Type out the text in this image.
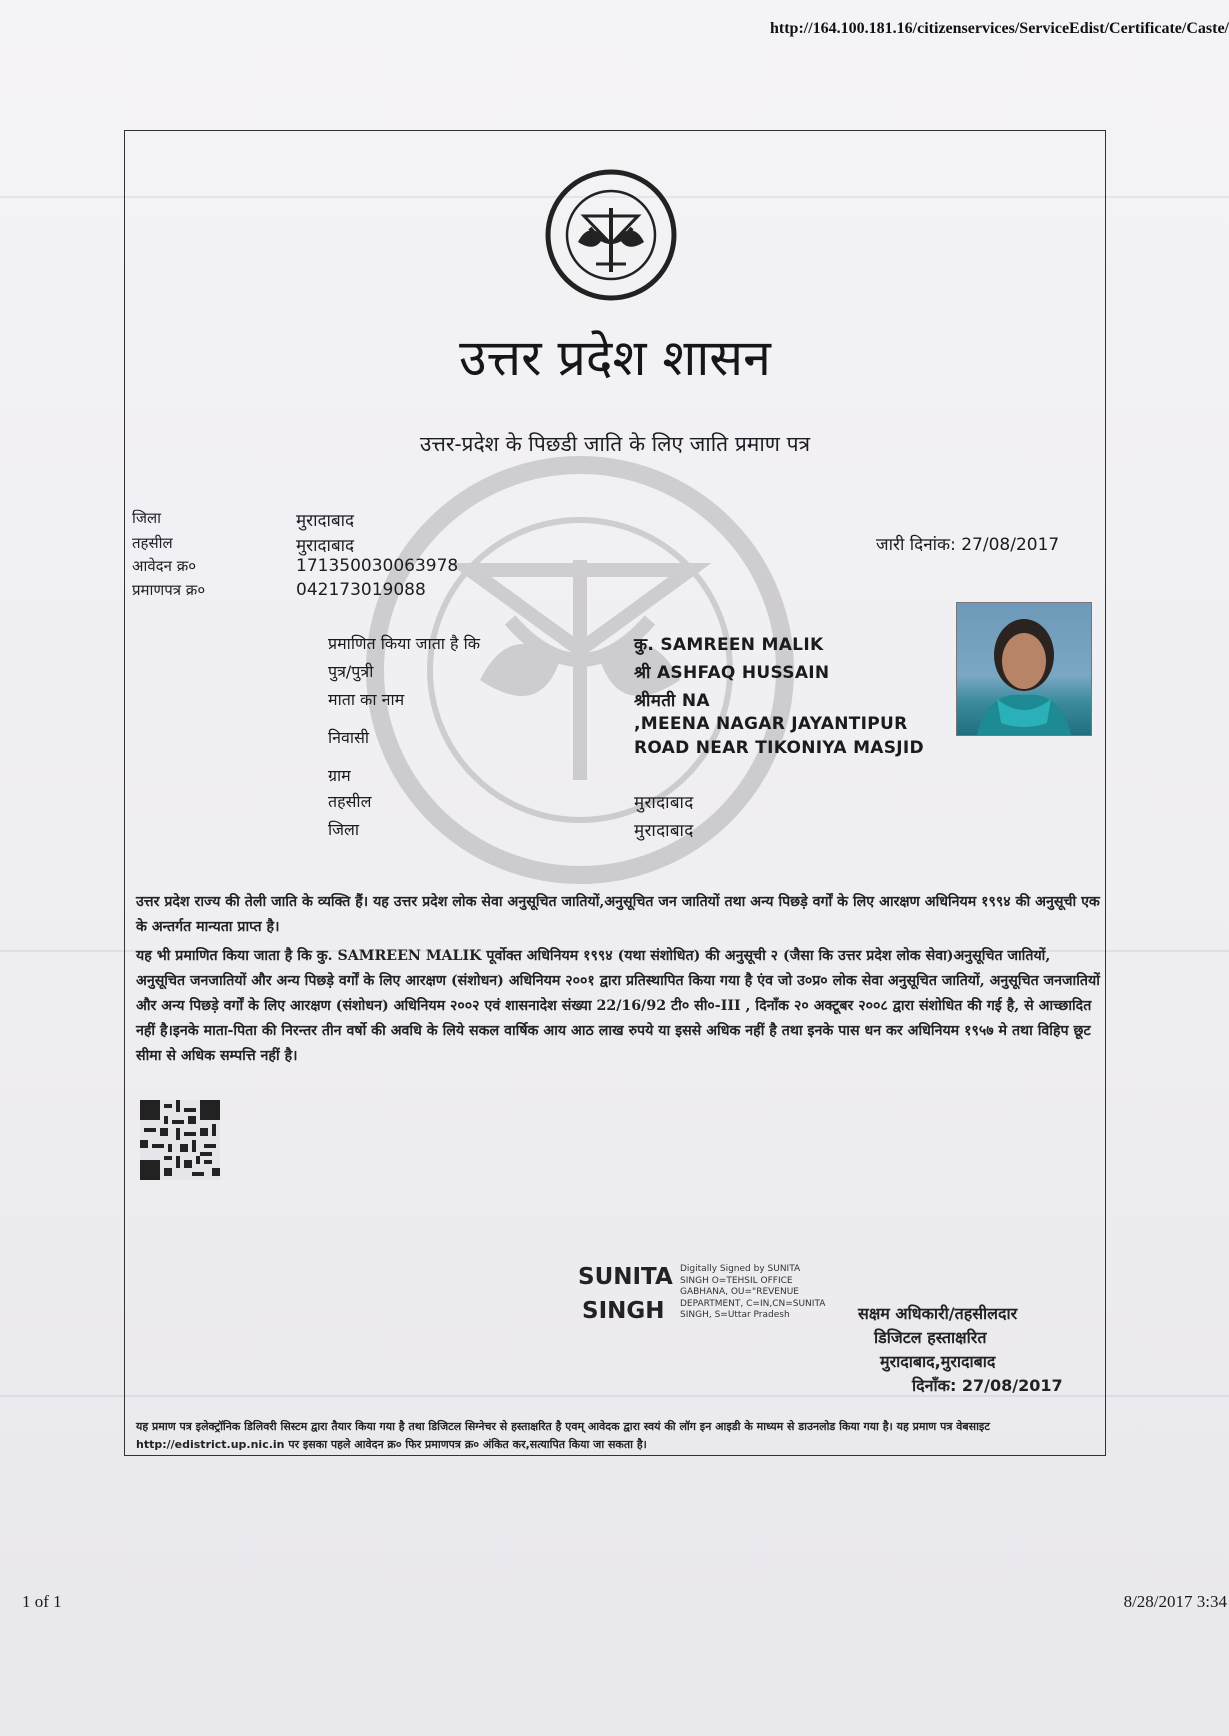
http://164.100.181.16/citizenservices/ServiceEdist/Certificate/Caste/
उत्तर प्रदेश शासन
उत्तर-प्रदेश के पिछडी जाति के लिए जाति प्रमाण पत्र
जिला	मुरादाबाद
तहसील	मुरादाबाद
आवेदन क्र०	171350030063978
प्रमाणपत्र क्र०	042173019088
जारी दिनांक: 27/08/2017
प्रमाणित किया जाता है कि	कु. SAMREEN MALIK
पुत्र/पुत्री	श्री ASHFAQ HUSSAIN
माता का नाम	श्रीमती NA
निवासी
,MEENA NAGAR JAYANTIPUR
ROAD NEAR TIKONIYA MASJID
ग्राम
तहसील	मुरादाबाद
जिला	मुरादाबाद
उत्तर प्रदेश राज्य की तेली जाति के व्यक्ति हैं। यह उत्तर प्रदेश लोक सेवा अनुसूचित जातियों,अनुसूचित जन जातियों तथा अन्य पिछड़े वर्गों के लिए आरक्षण अधिनियम १९९४ की अनुसूची एक के अन्तर्गत मान्यता प्राप्त है।
यह भी प्रमाणित किया जाता है कि कु. SAMREEN MALIK पूर्वोक्त अधिनियम १९९४ (यथा संशोधित) की अनुसूची २ (जैसा कि उत्तर प्रदेश लोक सेवा)अनुसूचित जातियों, अनुसूचित जनजातियों और अन्य पिछड़े वर्गों के लिए आरक्षण (संशोधन) अधिनियम २००१ द्वारा प्रतिस्थापित किया गया है एंव जो उ०प्र० लोक सेवा अनुसूचित जातियों, अनुसूचित जनजातियों और अन्य पिछड़े वर्गों के लिए आरक्षण (संशोधन) अधिनियम २००२ एवं शासनादेश संख्या 22/16/92 टी० सी०-III , दिनाँक २० अक्टूबर २००८ द्वारा संशोधित की गई है, से आच्छादित नहीं है।इनके माता-पिता की निरन्तर तीन वर्षो की अवधि के लिये सकल वार्षिक आय आठ लाख रुपये या इससे अधिक नहीं है तथा इनके पास धन कर अधिनियम १९५७ मे तथा विहिप छूट सीमा से अधिक सम्पत्ति नहीं है।
SUNITA
SINGH
Digitally Signed by SUNITA SINGH O=TEHSIL OFFICE GABHANA, OU="REVENUE DEPARTMENT, C=IN,CN=SUNITA SINGH, S=Uttar Pradesh	सक्षम अधिकारी/तहसीलदार
डिजिटल हस्ताक्षरित
मुरादाबाद,मुरादाबाद
दिनाँक: 27/08/2017
यह प्रमाण पत्र इलेक्ट्रॉनिक डिलिवरी सिस्टम द्वारा तैयार किया गया है तथा डिजिटल सिग्नेचर से हस्ताक्षरित है एवम् आवेदक द्वारा स्वयं की लॉग इन आइडी के माध्यम से डाउनलोड किया गया है। यह प्रमाण पत्र वेबसाइट http://edistrict.up.nic.in पर इसका पहले आवेदन क्र० फिर प्रमाणपत्र क्र० अंकित कर,सत्यापित किया जा सकता है।
1 of 1	8/28/2017 3:34
